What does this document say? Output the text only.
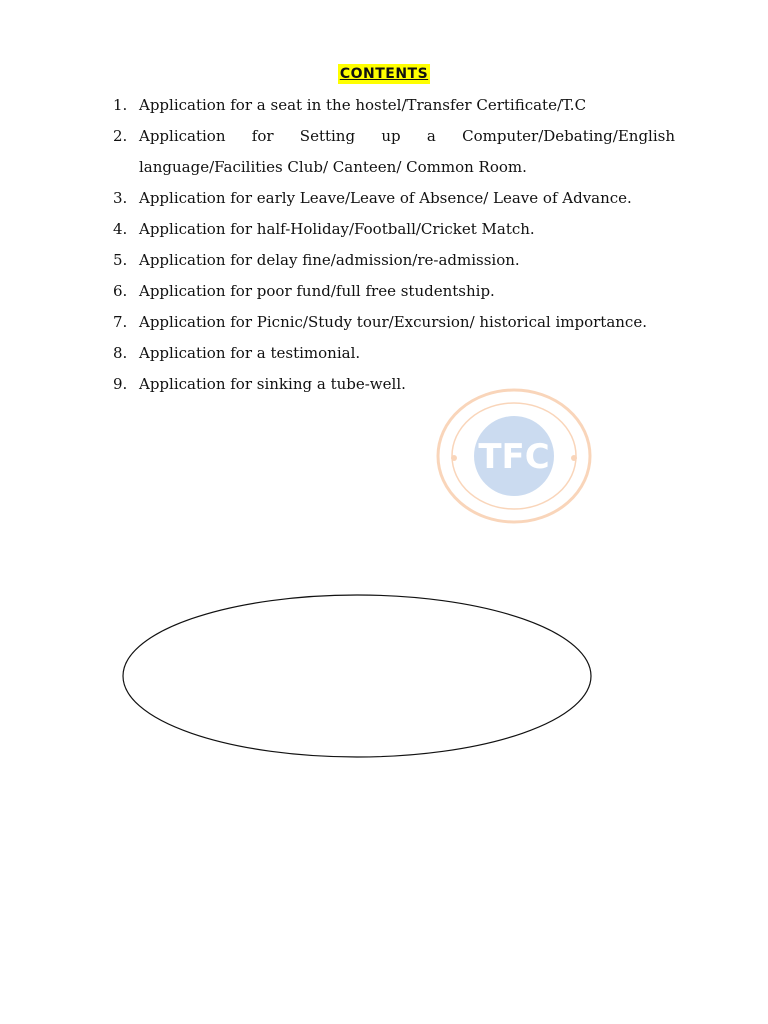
CONTENTS
1. Application for a seat in the hostel/Transfer Certificate/T.C
2. Application for Setting up a Computer/Debating/English language/Facilities Club/ Canteen/ Common Room.
3. Application for early Leave/Leave of Absence/ Leave of Advance.
4. Application for half-Holiday/Football/Cricket Match.
5. Application for delay fine/admission/re-admission.
6. Application for poor fund/full free studentship.
7. Application for Picnic/Study tour/Excursion/ historical importance.
8. Application for a testimonial.
9. Application for sinking a tube-well.
TFC
